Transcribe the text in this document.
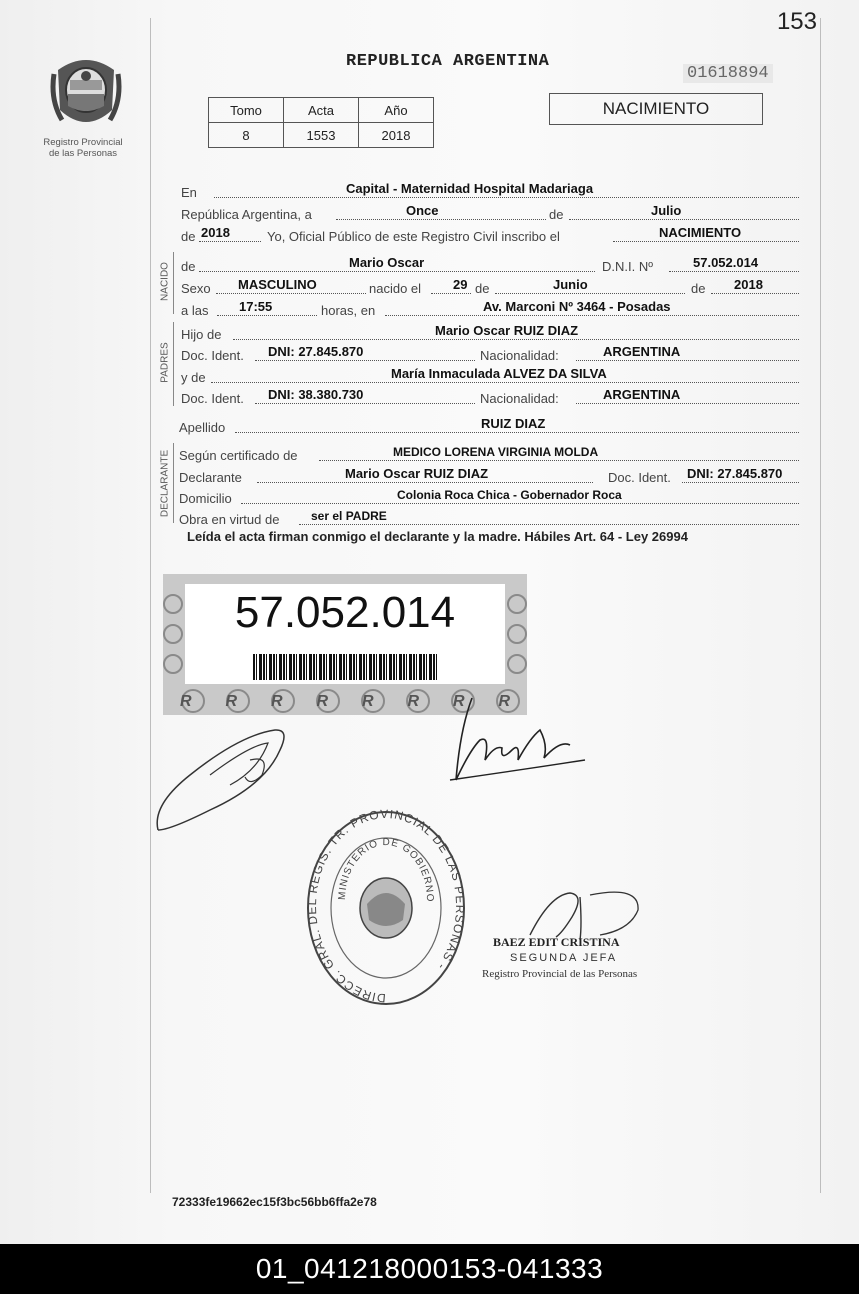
153
Registro Provincial
de las Personas
REPUBLICA ARGENTINA
01618894
Tomo	Acta	Año
8	1553	2018
NACIMIENTO
En	Capital - Maternidad Hospital Madariaga
República Argentina, a	Once	de	Julio
de 2018	Yo, Oficial Público de este Registro Civil inscribo el	NACIMIENTO
NACIDO de	Mario Oscar	D.N.I. Nº	57.052.014
Sexo MASCULINO	nacido el 29 de	Junio	de 2018
a las 17:55	horas, en	Av. Marconi Nº 3464 - Posadas
PADRES
Hijo de	Mario Oscar RUIZ DIAZ
Doc. Ident. DNI: 27.845.870	Nacionalidad:	ARGENTINA
y de	María Inmaculada ALVEZ DA SILVA
Doc. Ident. DNI: 38.380.730	Nacionalidad:	ARGENTINA
Apellido	RUIZ DIAZ
DECLARANTE Según certificado de	MEDICO LORENA VIRGINIA MOLDA
Declarante	Mario Oscar RUIZ DIAZ	Doc. Ident. DNI: 27.845.870
Domicilio	Colonia Roca Chica - Gobernador Roca
Obra en virtud de	ser el PADRE
Leída el acta firman conmigo el declarante y la madre. Hábiles Art. 64 - Ley 26994
57.052.014
R R R R R R R R
DIRECC. GRAL. DEL REGIS. TR. PROVINCIAL DE LAS PERSONAS -
MINISTERIO DE GOBIERNO
BAEZ EDIT CRISTINA
SEGUNDA JEFA
Registro Provincial de las Personas
72333fe19662ec15f3bc56bb6ffa2e78
01_041218000153-041333
